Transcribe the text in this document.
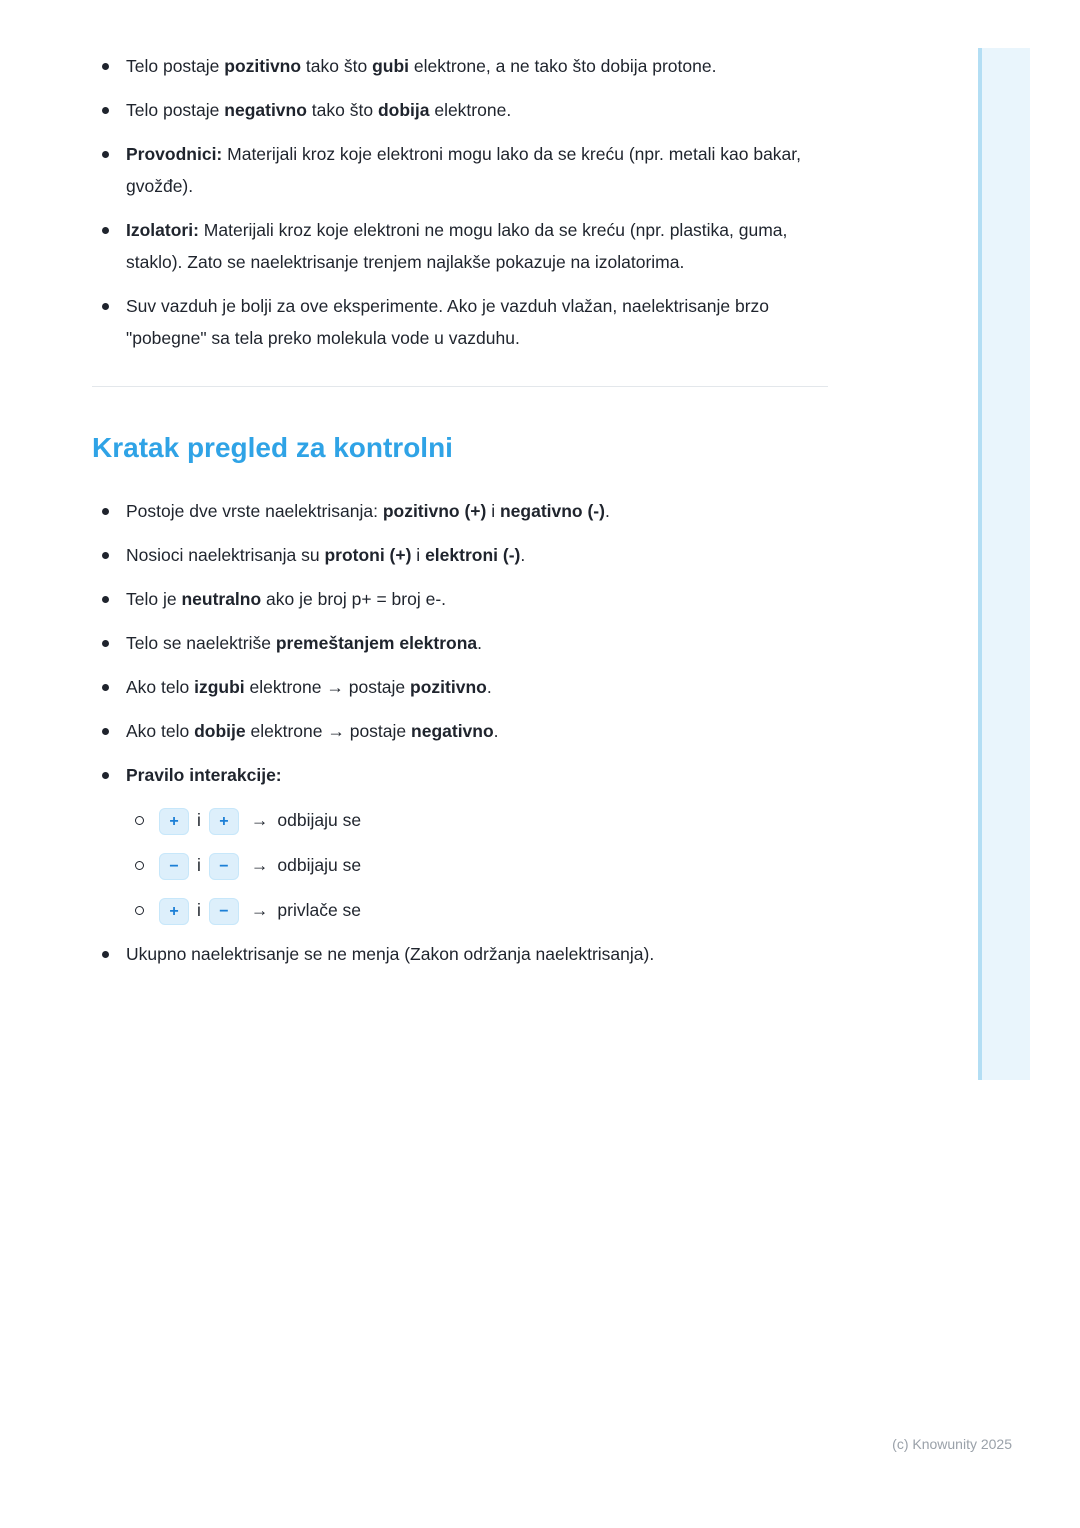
Telo postaje pozitivno tako što gubi elektrone, a ne tako što dobija protone.
Telo postaje negativno tako što dobija elektrone.
Provodnici: Materijali kroz koje elektroni mogu lako da se kreću (npr. metali kao bakar, gvožđe).
Izolatori: Materijali kroz koje elektroni ne mogu lako da se kreću (npr. plastika, guma, staklo). Zato se naelektrisanje trenjem najlakše pokazuje na izolatorima.
Suv vazduh je bolji za ove eksperimente. Ako je vazduh vlažan, naelektrisanje brzo "pobegne" sa tela preko molekula vode u vazduhu.
Kratak pregled za kontrolni
Postoje dve vrste naelektrisanja: pozitivno (+) i negativno (-).
Nosioci naelektrisanja su protoni (+) i elektroni (-).
Telo je neutralno ako je broj p+ = broj e-.
Telo se naelektriše premeštanjem elektrona.
Ako telo izgubi elektrone → postaje pozitivno.
Ako telo dobije elektrone → postaje negativno.
Pravilo interakcije:
+ i + → odbijaju se
− i − → odbijaju se
+ i − → privlače se
Ukupno naelektrisanje se ne menja (Zakon održanja naelektrisanja).
(c) Knowunity 2025
